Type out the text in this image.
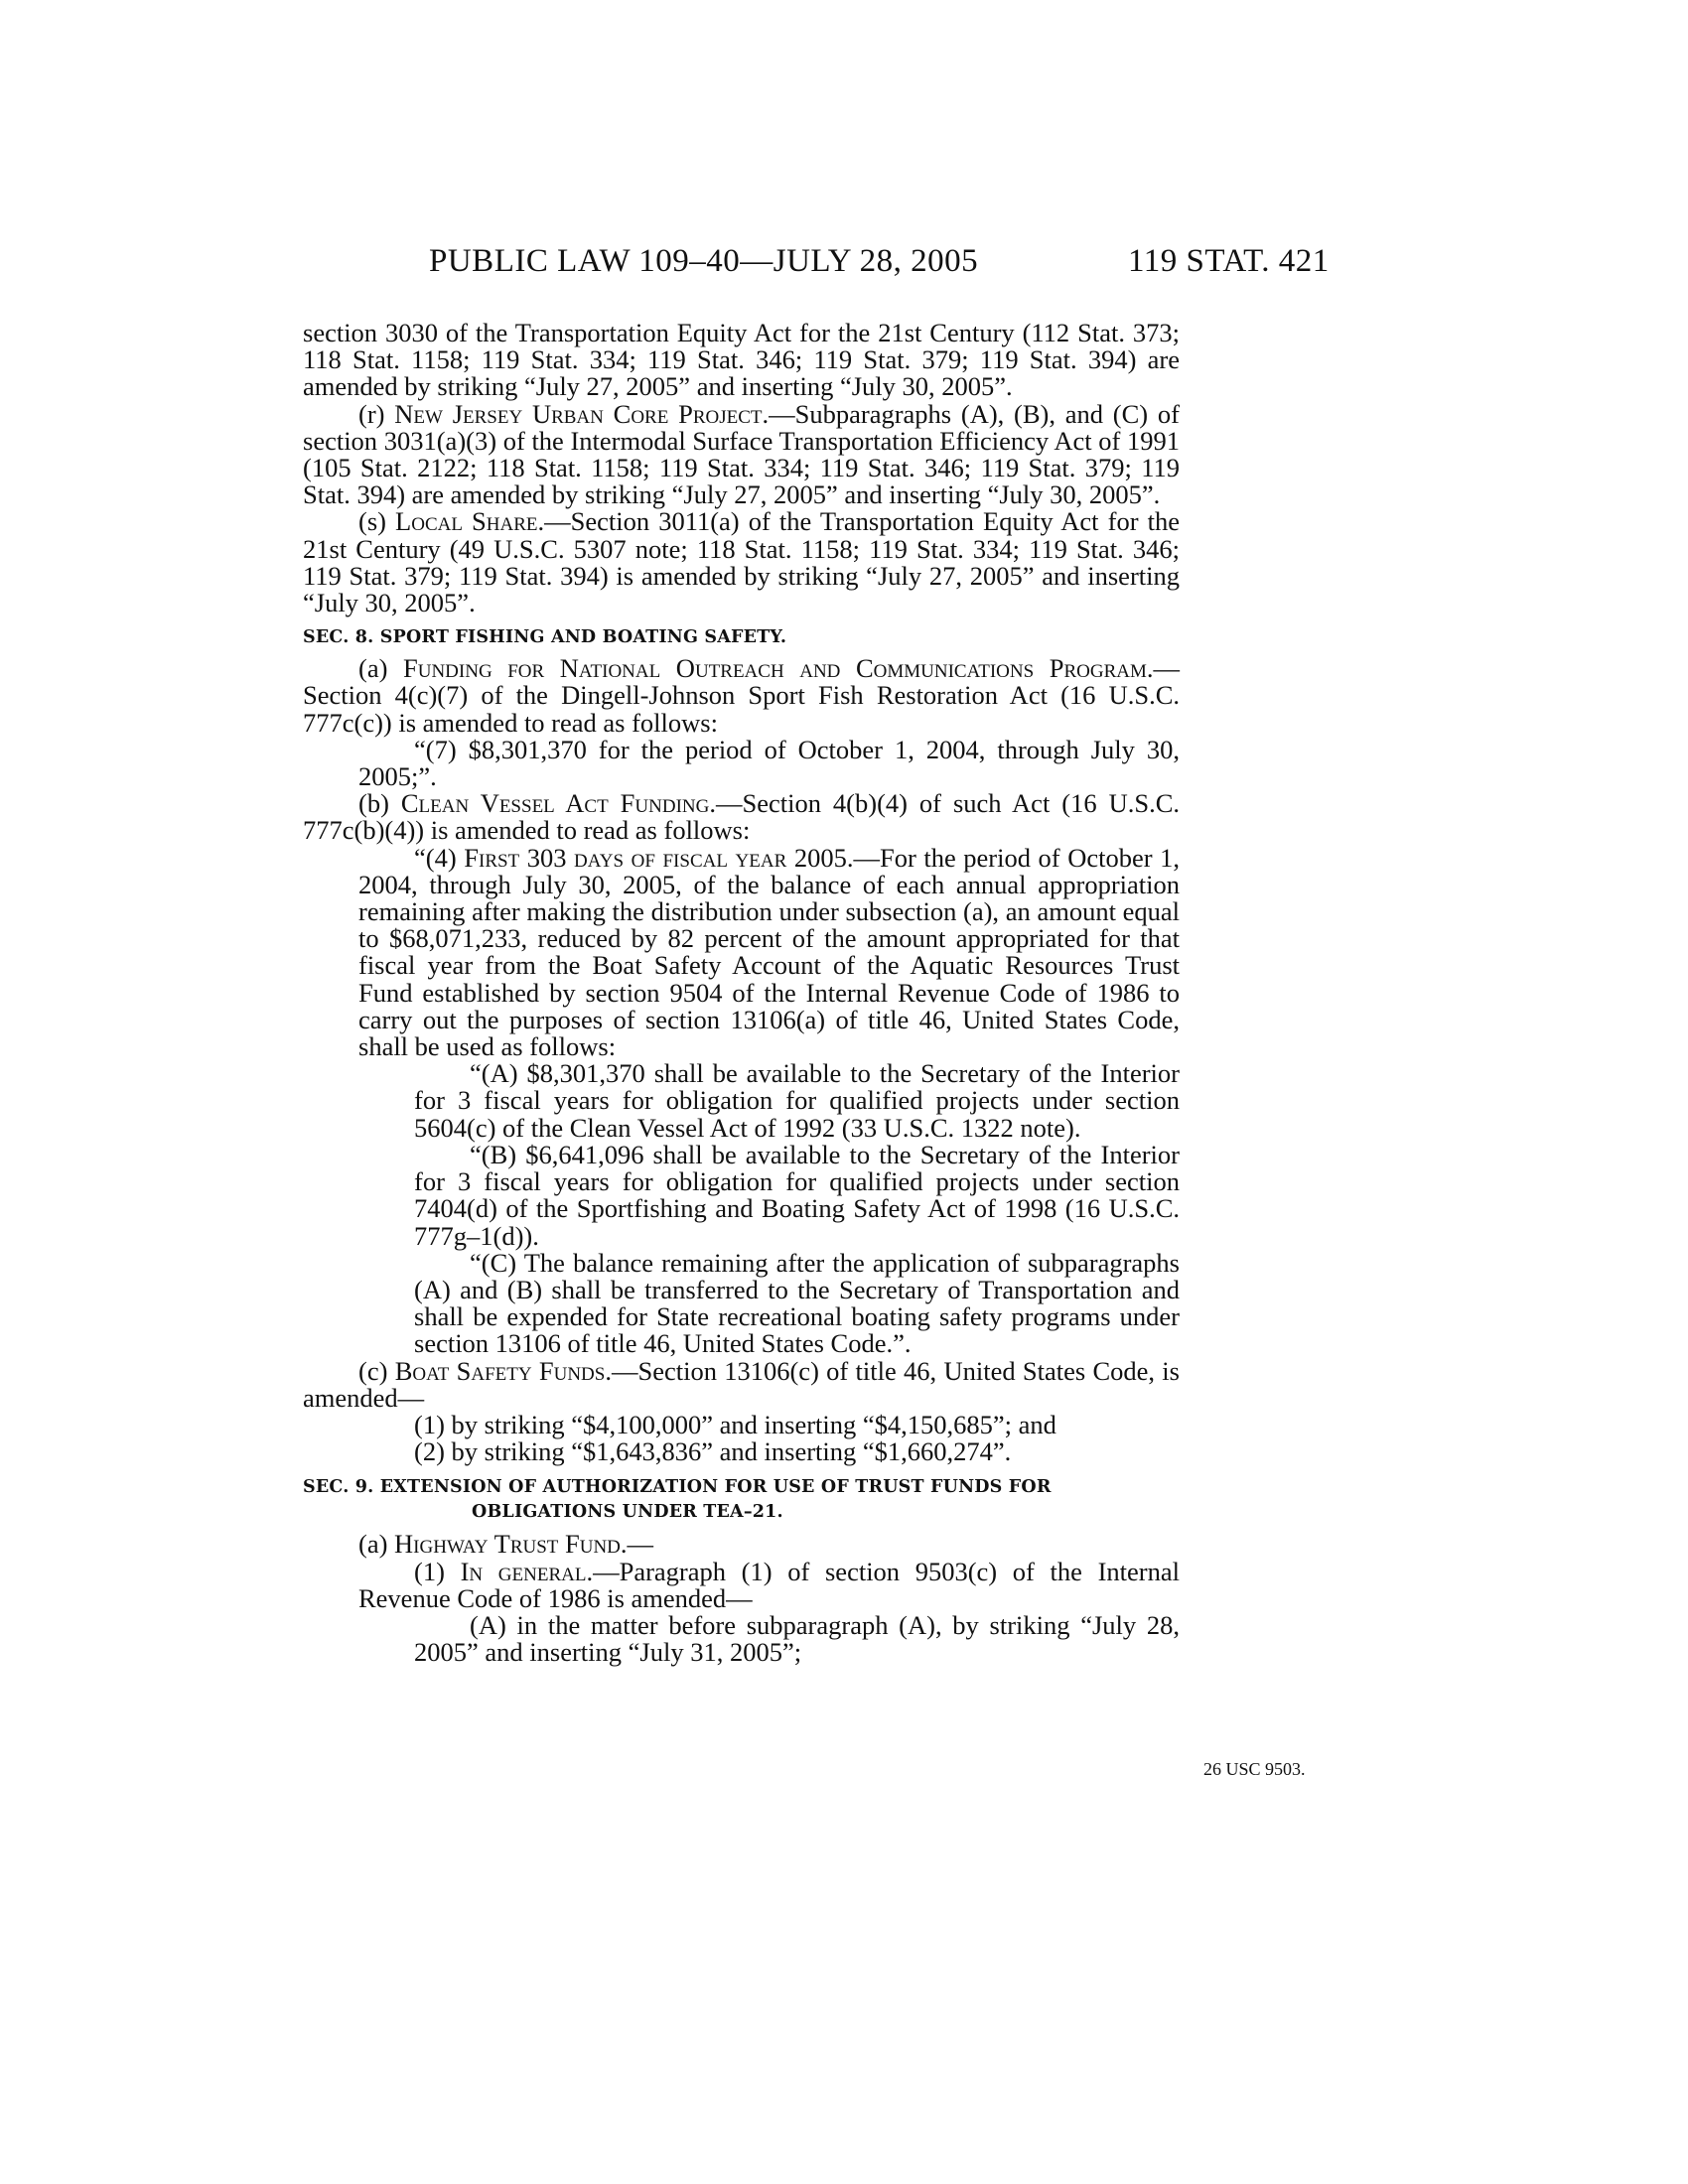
PUBLIC LAW 109–40—JULY 28, 2005	119 STAT. 421
26 USC 9503.

section 3030 of the Transportation Equity Act for the 21st Century (112 Stat. 373; 118 Stat. 1158; 119 Stat. 334; 119 Stat. 346; 119 Stat. 379; 119 Stat. 394) are amended by striking “July 27, 2005” and inserting “July 30, 2005”.

(r) New Jersey Urban Core Project.—Subparagraphs (A), (B), and (C) of section 3031(a)(3) of the Intermodal Surface Transportation Efficiency Act of 1991 (105 Stat. 2122; 118 Stat. 1158; 119 Stat. 334; 119 Stat. 346; 119 Stat. 379; 119 Stat. 394) are amended by striking “July 27, 2005” and inserting “July 30, 2005”.

(s) Local Share.—Section 3011(a) of the Transportation Equity Act for the 21st Century (49 U.S.C. 5307 note; 118 Stat. 1158; 119 Stat. 334; 119 Stat. 346; 119 Stat. 379; 119 Stat. 394) is amended by striking “July 27, 2005” and inserting “July 30, 2005”.

SEC. 8. SPORT FISHING AND BOATING SAFETY.

(a) Funding for National Outreach and Communications Program.—Section 4(c)(7) of the Dingell-Johnson Sport Fish Restoration Act (16 U.S.C. 777c(c)) is amended to read as follows:

“(7) $8,301,370 for the period of October 1, 2004, through July 30, 2005;”.

(b) Clean Vessel Act Funding.—Section 4(b)(4) of such Act (16 U.S.C. 777c(b)(4)) is amended to read as follows:

“(4) First 303 days of fiscal year 2005.—For the period of October 1, 2004, through July 30, 2005, of the balance of each annual appropriation remaining after making the distribution under subsection (a), an amount equal to $68,071,233, reduced by 82 percent of the amount appropriated for that fiscal year from the Boat Safety Account of the Aquatic Resources Trust Fund established by section 9504 of the Internal Revenue Code of 1986 to carry out the purposes of section 13106(a) of title 46, United States Code, shall be used as follows:

“(A) $8,301,370 shall be available to the Secretary of the Interior for 3 fiscal years for obligation for qualified projects under section 5604(c) of the Clean Vessel Act of 1992 (33 U.S.C. 1322 note).

“(B) $6,641,096 shall be available to the Secretary of the Interior for 3 fiscal years for obligation for qualified projects under section 7404(d) of the Sportfishing and Boating Safety Act of 1998 (16 U.S.C. 777g–1(d)).

“(C) The balance remaining after the application of subparagraphs (A) and (B) shall be transferred to the Secretary of Transportation and shall be expended for State recreational boating safety programs under section 13106 of title 46, United States Code.”.

(c) Boat Safety Funds.—Section 13106(c) of title 46, United States Code, is amended—

(1) by striking “$4,100,000” and inserting “$4,150,685”; and

(2) by striking “$1,643,836” and inserting “$1,660,274”.

SEC. 9. EXTENSION OF AUTHORIZATION FOR USE OF TRUST FUNDS FOR OBLIGATIONS UNDER TEA–21.

(a) Highway Trust Fund.—

(1) In general.—Paragraph (1) of section 9503(c) of the Internal Revenue Code of 1986 is amended—

(A) in the matter before subparagraph (A), by striking “July 28, 2005” and inserting “July 31, 2005”;
